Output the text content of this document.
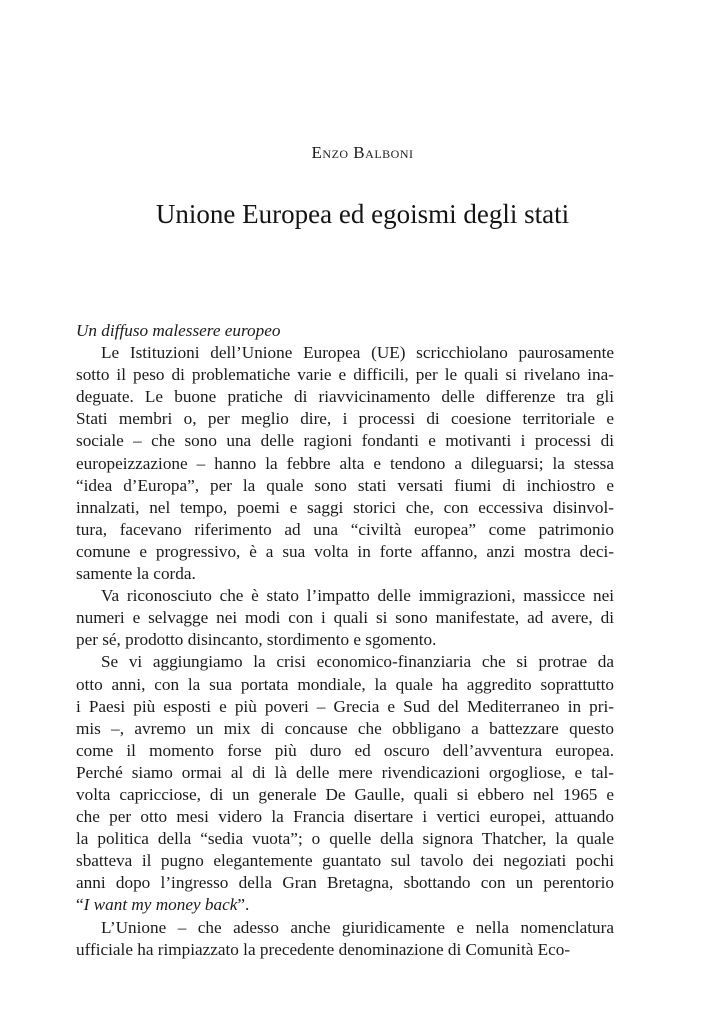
Enzo Balboni
Unione Europea ed egoismi degli stati

Un diffuso malessere europeo

Le Istituzioni dell’Unione Europea (UE) scricchiolano paurosamente
sotto il peso di problematiche varie e difficili, per le quali si rivelano ina-
deguate. Le buone pratiche di riavvicinamento delle differenze tra gli
Stati membri o, per meglio dire, i processi di coesione territoriale e
sociale – che sono una delle ragioni fondanti e motivanti i processi di
europeizzazione – hanno la febbre alta e tendono a dileguarsi; la stessa
“idea d’Europa”, per la quale sono stati versati fiumi di inchiostro e
innalzati, nel tempo, poemi e saggi storici che, con eccessiva disinvol-
tura, facevano riferimento ad una “civiltà europea” come patrimonio
comune e progressivo, è a sua volta in forte affanno, anzi mostra deci-
samente la corda.
Va riconosciuto che è stato l’impatto delle immigrazioni, massicce nei
numeri e selvagge nei modi con i quali si sono manifestate, ad avere, di
per sé, prodotto disincanto, stordimento e sgomento.
Se vi aggiungiamo la crisi economico-finanziaria che si protrae da
otto anni, con la sua portata mondiale, la quale ha aggredito soprattutto
i Paesi più esposti e più poveri – Grecia e Sud del Mediterraneo in pri-
mis –, avremo un mix di concause che obbligano a battezzare questo
come il momento forse più duro ed oscuro dell’avventura europea.
Perché siamo ormai al di là delle mere rivendicazioni orgogliose, e tal-
volta capricciose, di un generale De Gaulle, quali si ebbero nel 1965 e
che per otto mesi videro la Francia disertare i vertici europei, attuando
la politica della “sedia vuota”; o quelle della signora Thatcher, la quale
sbatteva il pugno elegantemente guantato sul tavolo dei negoziati pochi
anni dopo l’ingresso della Gran Bretagna, sbottando con un perentorio
“I want my money back”.
L’Unione – che adesso anche giuridicamente e nella nomenclatura
ufficiale ha rimpiazzato la precedente denominazione di Comunità Eco-
